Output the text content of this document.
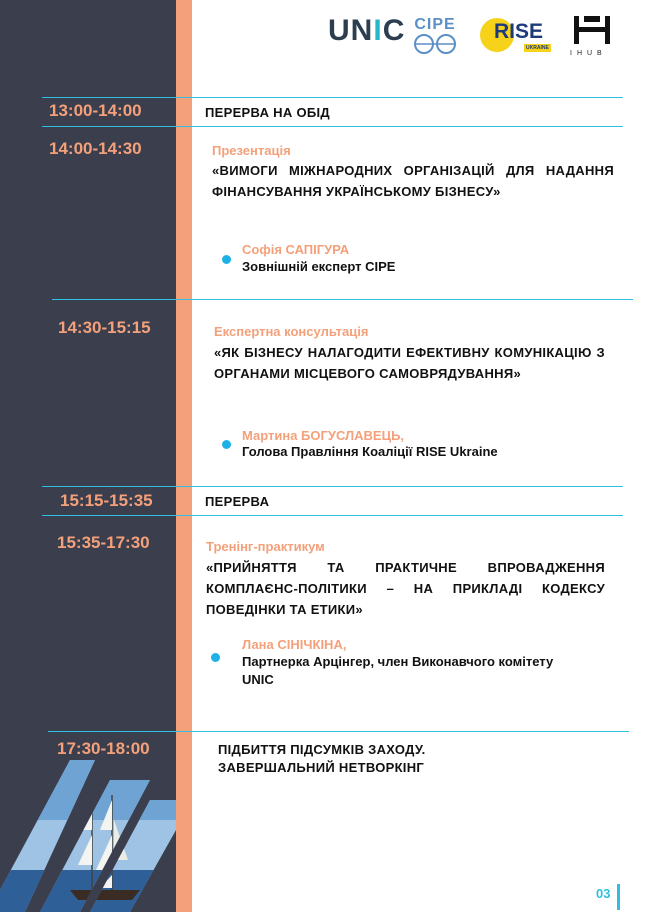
UNIC CIPE RISE
UKRAINE
IHUB
13:00-14:00	ПЕРЕРВА НА ОБІД
14:00-14:30	Презентація
«ВИМОГИ МІЖНАРОДНИХ ОРГАНІЗАЦІЙ ДЛЯ НАДАННЯ ФІНАНСУВАННЯ УКРАЇНСЬКОМУ БІЗНЕСУ»
Софія САПІГУРА
Зовнішній експерт CIPE
14:30-15:15	Експертна консультація
«ЯК БІЗНЕСУ НАЛАГОДИТИ ЕФЕКТИВНУ КОМУНІКАЦІЮ З ОРГАНАМИ МІСЦЕВОГО САМОВРЯДУВАННЯ»
Мартина БОГУСЛАВЕЦЬ,
Голова Правління Коаліції RISE Ukraine
15:15-15:35	ПЕРЕРВА
15:35-17:30	Тренінг-практикум
«ПРИЙНЯТТЯ ТА ПРАКТИЧНЕ ВПРОВАДЖЕННЯ КОМПЛАЄНС-ПОЛІТИКИ – НА ПРИКЛАДІ КОДЕКСУ ПОВЕДІНКИ ТА ЕТИКИ»
Лана СІНІЧКІНА,
Партнерка Арцінгер, член Виконавчого комітету UNIC
17:30-18:00	ПІДБИТТЯ ПІДСУМКІВ ЗАХОДУ. ЗАВЕРШАЛЬНИЙ НЕТВОРКІНГ
03
